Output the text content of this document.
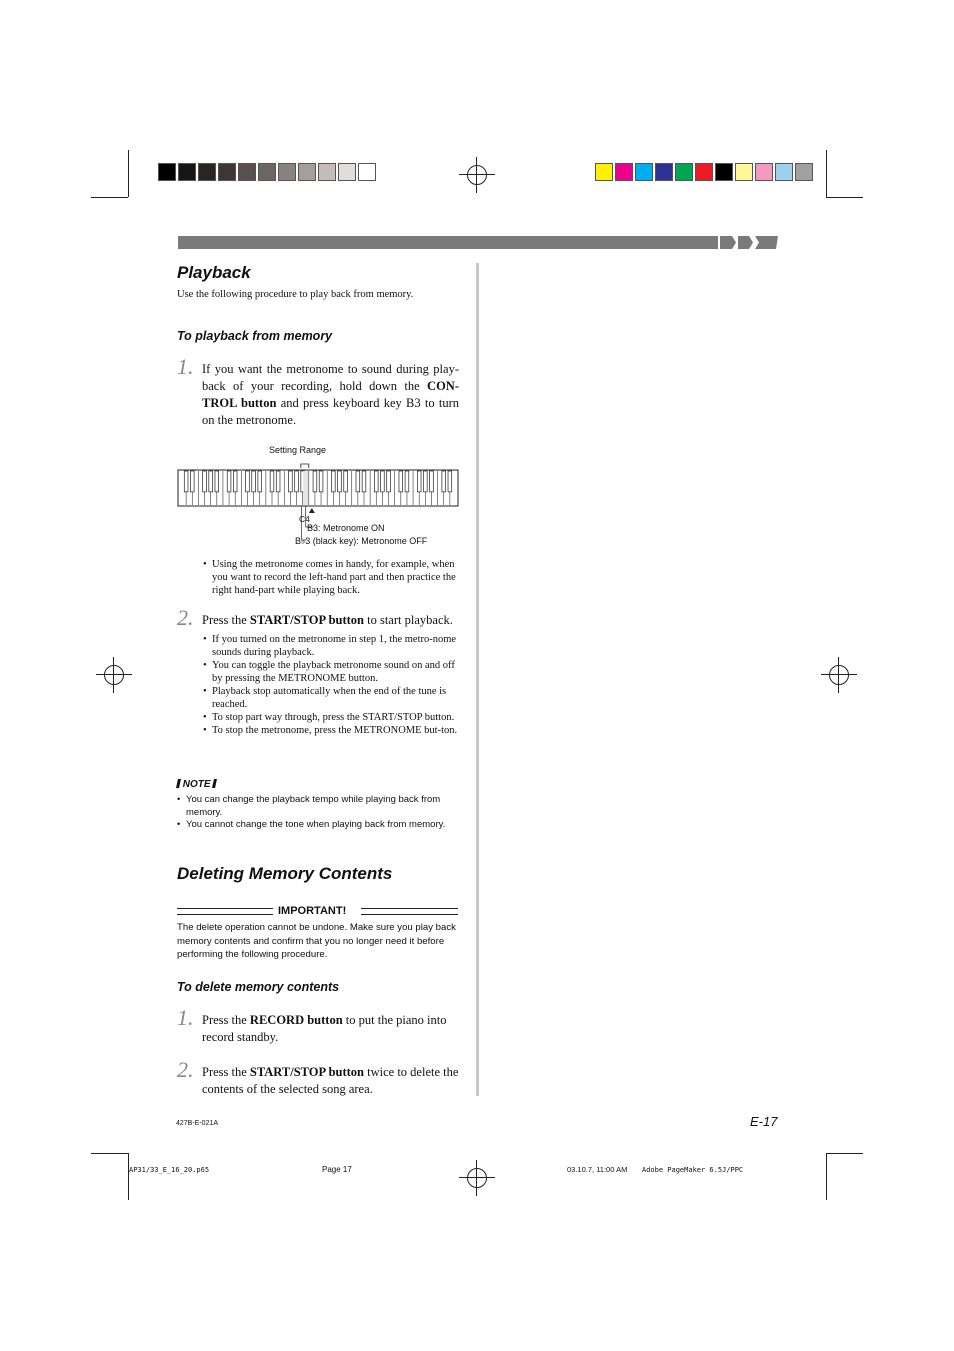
Playback
Use the following procedure to play back from memory.
To playback from memory
1. If you want the metronome to sound during play-back of your recording, hold down the CON-TROL button and press keyboard key B3 to turn on the metronome.
Setting Range
C4
B3: Metronome ON
B♭3 (black key): Metronome OFF
• Using the metronome comes in handy, for example, when you want to record the left-hand part and then practice the right hand-part while playing back.
2. Press the START/STOP button to start playback.
• If you turned on the metronome in step 1, the metro-nome sounds during playback.
• You can toggle the playback metronome sound on and off by pressing the METRONOME button.
• Playback stop automatically when the end of the tune is reached.
• To stop part way through, press the START/STOP button.
• To stop the metronome, press the METRONOME but-ton.
NOTE
• You can change the playback tempo while playing back from memory.
• You cannot change the tone when playing back from memory.
Deleting Memory Contents
IMPORTANT!
The delete operation cannot be undone. Make sure you play back memory contents and confirm that you no longer need it before performing the following procedure.
To delete memory contents
1. Press the RECORD button to put the piano into record standby.
2. Press the START/STOP button twice to delete the contents of the selected song area.
427B-E-021A	E-17
AP31/33_E_16_20.p65	Page 17	03.10.7, 11:00 AM Adobe PageMaker 6.5J/PPC
